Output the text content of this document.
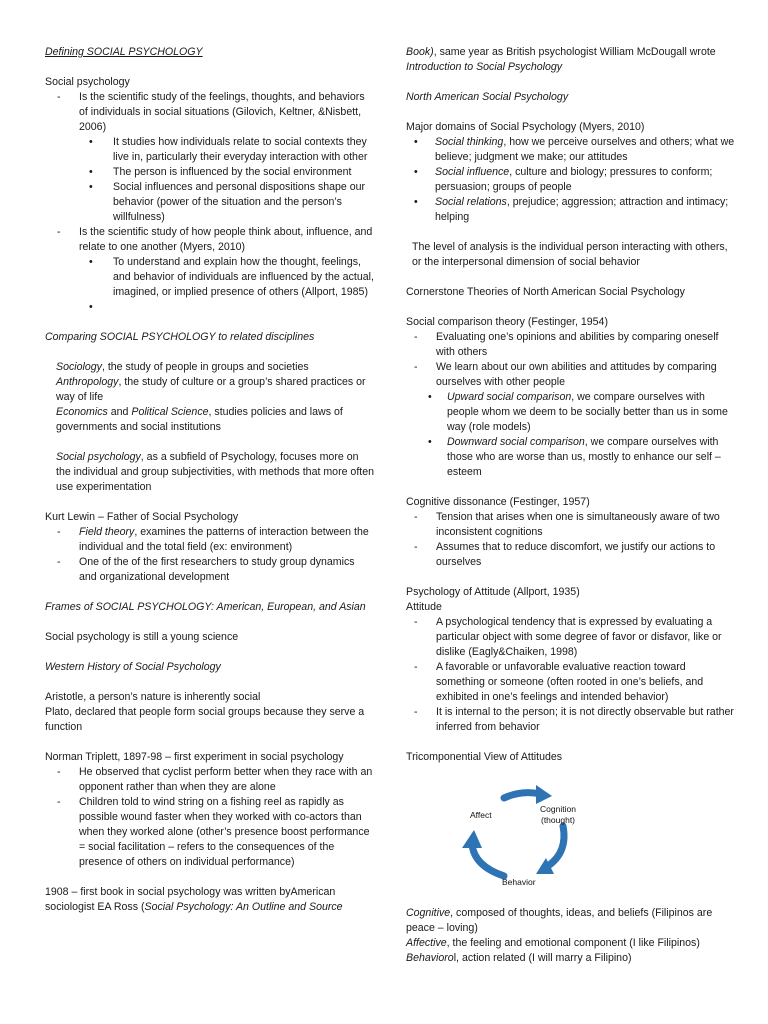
Defining SOCIAL PSYCHOLOGY

Social psychology

- Is the scientific study of the feelings, thoughts, and behaviors of individuals in social situations (Gilovich, Keltner, &Nisbett, 2006)

• It studies how individuals relate to social contexts they live in, particularly their everyday interaction with other

• The person is influenced by the social environment

• Social influences and personal dispositions shape our behavior (power of the situation and the person’s willfulness)

- Is the scientific study of how people think about, influence, and relate to one another (Myers, 2010)

• To understand and explain how the thought, feelings, and behavior of individuals are influenced by the actual, imagined, or implied presence of others (Allport, 1985)

•

Comparing SOCIAL PSYCHOLOGY to related disciplines

Sociology, the study of people in groups and societies

Anthropology, the study of culture or a group’s shared practices or way of life

Economics and Political Science, studies policies and laws of governments and social institutions

Social psychology, as a subfield of Psychology, focuses more on the individual and group subjectivities, with methods that more often use experimentation

Kurt Lewin – Father of Social Psychology

- Field theory, examines the patterns of interaction between the individual and the total field (ex: environment)

- One of the of the first researchers to study group dynamics and organizational development

Frames of SOCIAL PSYCHOLOGY: American, European, and Asian

Social psychology is still a young science

Western History of Social Psychology

Aristotle, a person’s nature is inherently social

Plato, declared that people form social groups because they serve a function

Norman Triplett, 1897-98 – first experiment in social psychology

- He observed that cyclist perform better when they race with an opponent rather than when they are alone

- Children told to wind string on a fishing reel as rapidly as possible wound faster when they worked with co-actors than when they worked alone (other’s presence boost performance = social facilitation – refers to the consequences of the presence of others on individual performance)

1908 – first book in social psychology was written byAmerican sociologist EA Ross (Social Psychology: An Outline and Source

Book), same year as British psychologist William McDougall wrote Introduction to Social Psychology

North American Social Psychology

Major domains of Social Psychology (Myers, 2010)

• Social thinking, how we perceive ourselves and others; what we believe; judgment we make; our attitudes

• Social influence, culture and biology; pressures to conform; persuasion; groups of people

• Social relations, prejudice; aggression; attraction and intimacy; helping

The level of analysis is the individual person interacting with others, or the interpersonal dimension of social behavior

Cornerstone Theories of North American Social Psychology

Social comparison theory (Festinger, 1954)

- Evaluating one’s opinions and abilities by comparing oneself with others

- We learn about our own abilities and attitudes by comparing ourselves with other people

• Upward social comparison, we compare ourselves with people whom we deem to be socially better than us in some way (role models)

• Downward social comparison, we compare ourselves with those who are worse than us, mostly to enhance our self – esteem

Cognitive dissonance (Festinger, 1957)

- Tension that arises when one is simultaneously aware of two inconsistent cognitions

- Assumes that to reduce discomfort, we justify our actions to ourselves

Psychology of Attitude (Allport, 1935)

Attitude

- A psychological tendency that is expressed by evaluating a particular object with some degree of favor or disfavor, like or dislike (Eagly&Chaiken, 1998)

- A favorable or unfavorable evaluative reaction toward something or someone (often rooted in one’s beliefs, and exhibited in one’s feelings and intended behavior)

- It is internal to the person; it is not directly observable but rather inferred from behavior

Tricomponential View of Attitudes

Affect
Cognition
(thought)
Behavior

Cognitive, composed of thoughts, ideas, and beliefs (Filipinos are peace – loving)

Affective, the feeling and emotional component (I like Filipinos)

Behaviorol, action related (I will marry a Filipino)
